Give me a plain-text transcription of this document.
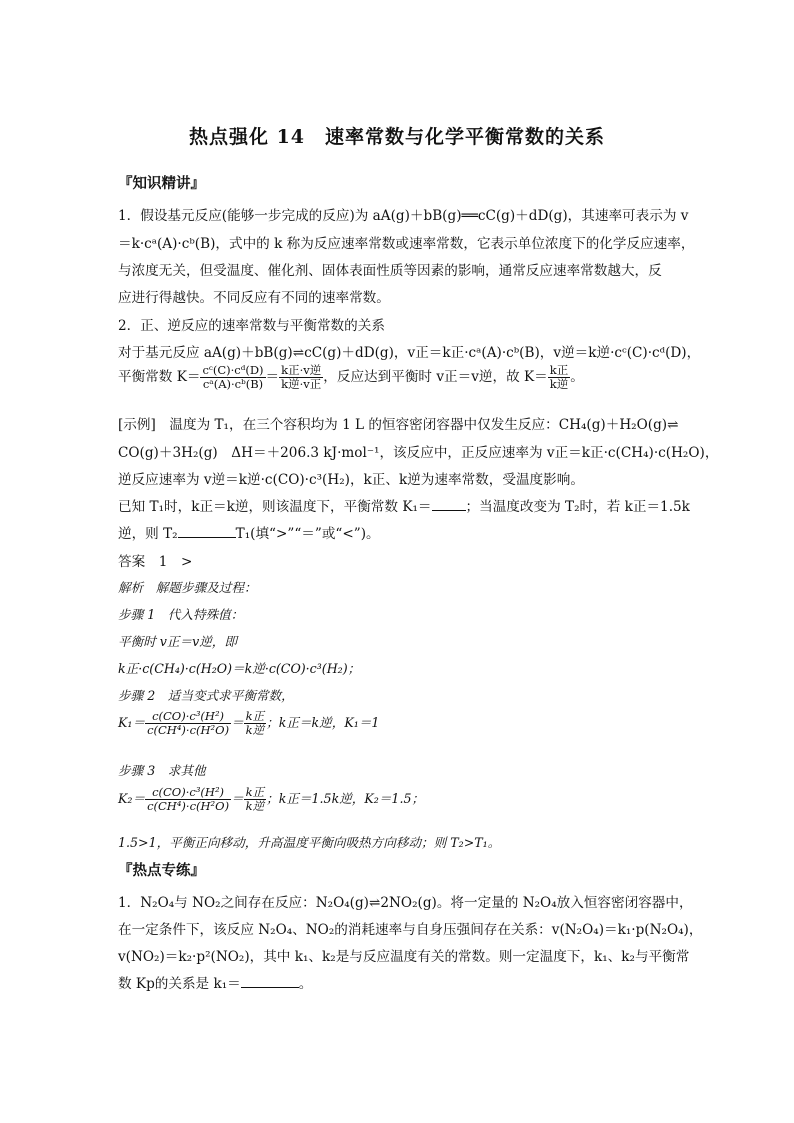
热点强化 14　速率常数与化学平衡常数的关系
『知识精讲』
1．假设基元反应(能够一步完成的反应)为 aA(g)＋bB(g)══cC(g)＋dD(g)，其速率可表示为 v
＝k·cᵃ(A)·cᵇ(B)，式中的 k 称为反应速率常数或速率常数，它表示单位浓度下的化学反应速率，
与浓度无关，但受温度、催化剂、固体表面性质等因素的影响，通常反应速率常数越大，反
应进行得越快。不同反应有不同的速率常数。
2．正、逆反应的速率常数与平衡常数的关系
对于基元反应 aA(g)＋bB(g)⇌cC(g)＋dD(g)，v正＝k正·cᵃ(A)·cᵇ(B)，v逆＝k逆·cᶜ(C)·cᵈ(D)，
平衡常数 $K= \frac{\text{cᶜ(C)·cᵈ(D)}}{\text{cᵃ(A)·cᵇ(B)}} = \frac{\text{k正·v逆}}{\text{k逆·v正}}$ ，反应达到平衡时 v正＝v逆，故 $K= \frac{\text{k正}}{\text{k逆}}$ 。
[示例]　温度为 T₁，在三个容积均为 1 L 的恒容密闭容器中仅发生反应：CH₄(g)＋H₂O(g)⇌
CO(g)＋3H₂(g)　ΔH＝＋206.3 kJ·mol⁻¹，该反应中，正反应速率为 v正＝k正·c(CH₄)·c(H₂O)，
逆反应速率为 v逆＝k逆·c(CO)·c³(H₂)，k正、k逆为速率常数，受温度影响。
已知 T₁时，k正＝k逆，则该温度下，平衡常数 K₁＝	；当温度改变为 T₂时，若 k正＝1.5k
逆，则 T₂	T₁(填“>”“＝”或“<”)。
答案　1　>
解析　解题步骤及过程：
步骤 1　代入特殊值：
平衡时 v正＝v逆，即
k正·c(CH₄)·c(H₂O)＝k逆·c(CO)·c³(H₂)；
步骤 2　适当变式求平衡常数，
$K_1= \frac{\text{c(CO)·c³(H²)}}{\text{c(CH⁴)·c(H²O)}} = \frac{\text{k正}}{\text{k逆}}$ ；k正＝k逆，K₁＝1
步骤 3　求其他
$K_2= \frac{\text{c(CO)·c³(H²)}}{\text{c(CH⁴)·c(H²O)}} = \frac{\text{k正}}{\text{k逆}}$ ；k正＝1.5k逆，K₂＝1.5；
1.5>1，平衡正向移动，升高温度平衡向吸热方向移动；则 T₂>T₁。
『热点专练』
1．N₂O₄与 NO₂之间存在反应：N₂O₄(g)⇌2NO₂(g)。将一定量的 N₂O₄放入恒容密闭容器中，
在一定条件下，该反应 N₂O₄、NO₂的消耗速率与自身压强间存在关系：v(N₂O₄)＝k₁·p(N₂O₄)，
v(NO₂)＝k₂·p²(NO₂)，其中 k₁、k₂是与反应温度有关的常数。则一定温度下，k₁、k₂与平衡常
数 Kp的关系是 k₁＝	。
